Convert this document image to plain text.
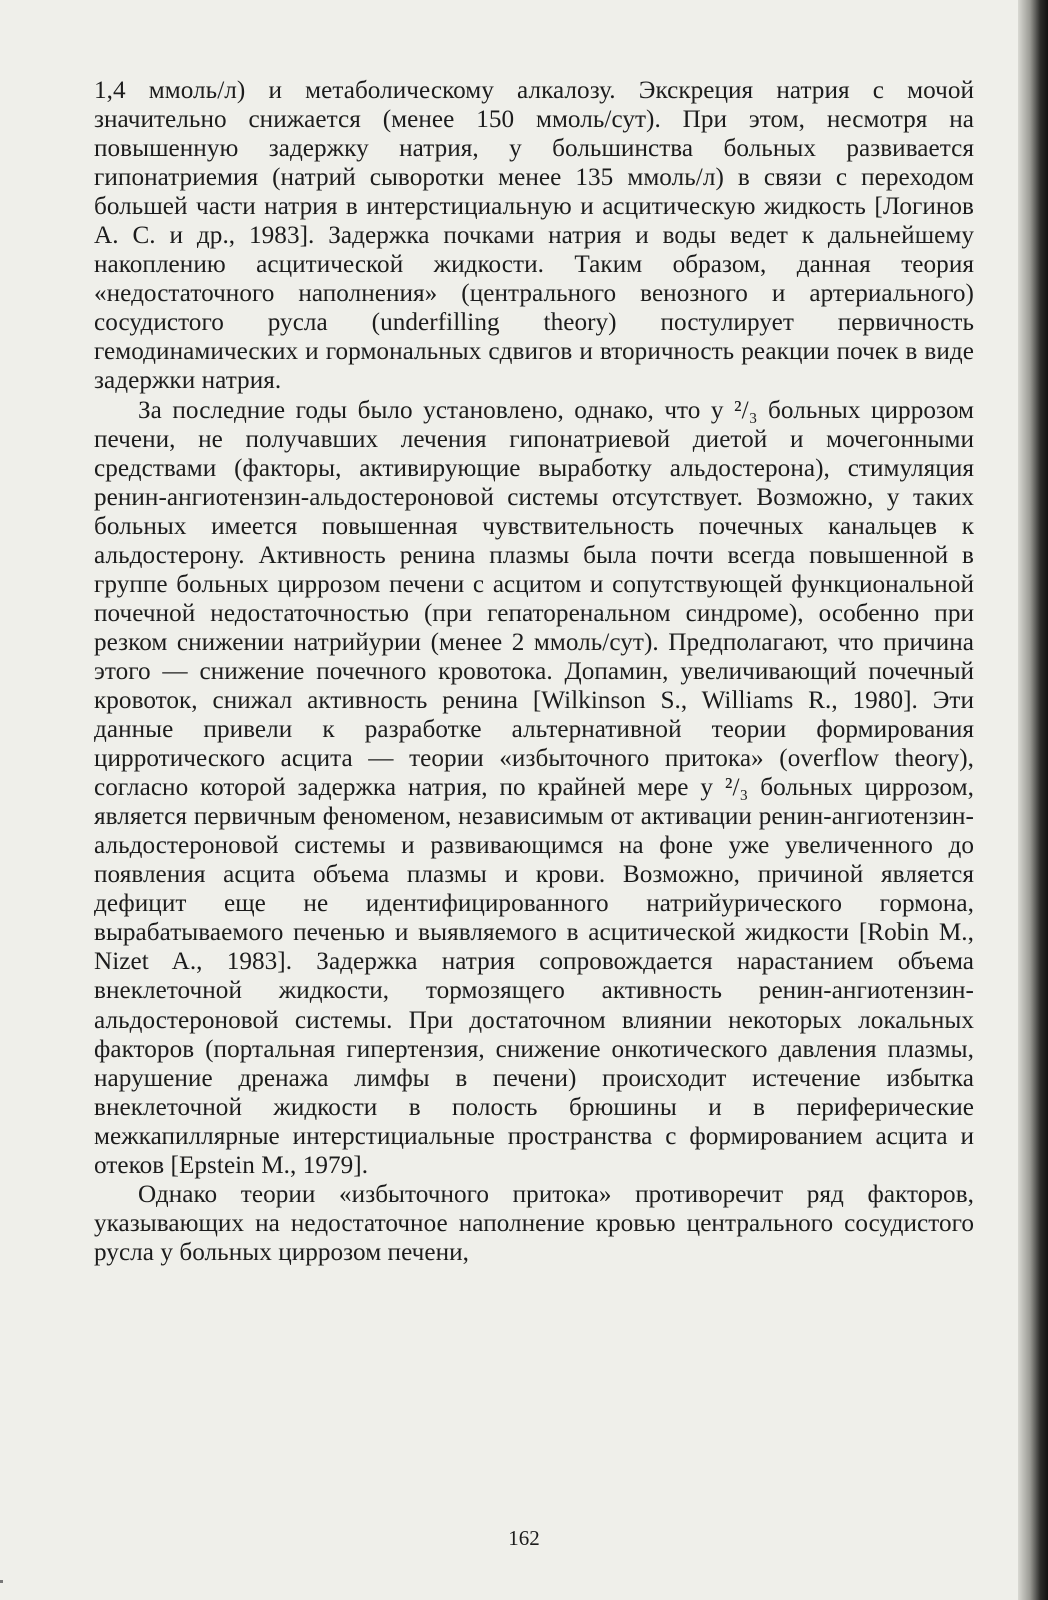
1,4 ммоль/л) и метаболическому алкалозу. Экскреция натрия с мочой значительно снижается (менее 150 ммоль/сут). При этом, несмотря на повышенную задержку натрия, у большинства больных развивается гипонатриемия (натрий сыворотки менее 135 ммоль/л) в связи с переходом большей части натрия в интерстициальную и асцитическую жидкость [Логинов А. С. и др., 1983]. Задержка почками натрия и воды ведет к дальнейшему накоплению асцитической жидкости. Таким образом, данная теория «недостаточного наполнения» (центрального венозного и артериального) сосудистого русла (underfilling theory) постулирует первичность гемодинамических и гормональных сдвигов и вторичность реакции почек в виде задержки натрия.

За последние годы было установлено, однако, что у ²/₃ больных циррозом печени, не получавших лечения гипонатриевой диетой и мочегонными средствами (факторы, активирующие выработку альдостерона), стимуляция ренин-ангиотензин-альдостероновой системы отсутствует. Возможно, у таких больных имеется повышенная чувствительность почечных канальцев к альдостерону. Активность ренина плазмы была почти всегда повышенной в группе больных циррозом печени с асцитом и сопутствующей функциональной почечной недостаточностью (при гепаторенальном синдроме), особенно при резком снижении натрийурии (менее 2 ммоль/сут). Предполагают, что причина этого — снижение почечного кровотока. Допамин, увеличивающий почечный кровоток, снижал активность ренина [Wilkinson S., Williams R., 1980]. Эти данные привели к разработке альтернативной теории формирования цирротического асцита — теории «избыточного притока» (overflow theory), согласно которой задержка натрия, по крайней мере у ²/₃ больных циррозом, является первичным феноменом, независимым от активации ренин-ангиотензин-альдостероновой системы и развивающимся на фоне уже увеличенного до появления асцита объема плазмы и крови. Возможно, причиной является дефицит еще не идентифицированного натрийурического гормона, вырабатываемого печенью и выявляемого в асцитической жидкости [Robin M., Nizet A., 1983]. Задержка натрия сопровождается нарастанием объема внеклеточной жидкости, тормозящего активность ренин-ангиотензин-альдостероновой системы. При достаточном влиянии некоторых локальных факторов (портальная гипертензия, снижение онкотического давления плазмы, нарушение дренажа лимфы в печени) происходит истечение избытка внеклеточной жидкости в полость брюшины и в периферические межкапиллярные интерстициальные пространства с формированием асцита и отеков [Epstein M., 1979].

Однако теории «избыточного притока» противоречит ряд факторов, указывающих на недостаточное наполнение кровью центрального сосудистого русла у больных циррозом печени,

162
